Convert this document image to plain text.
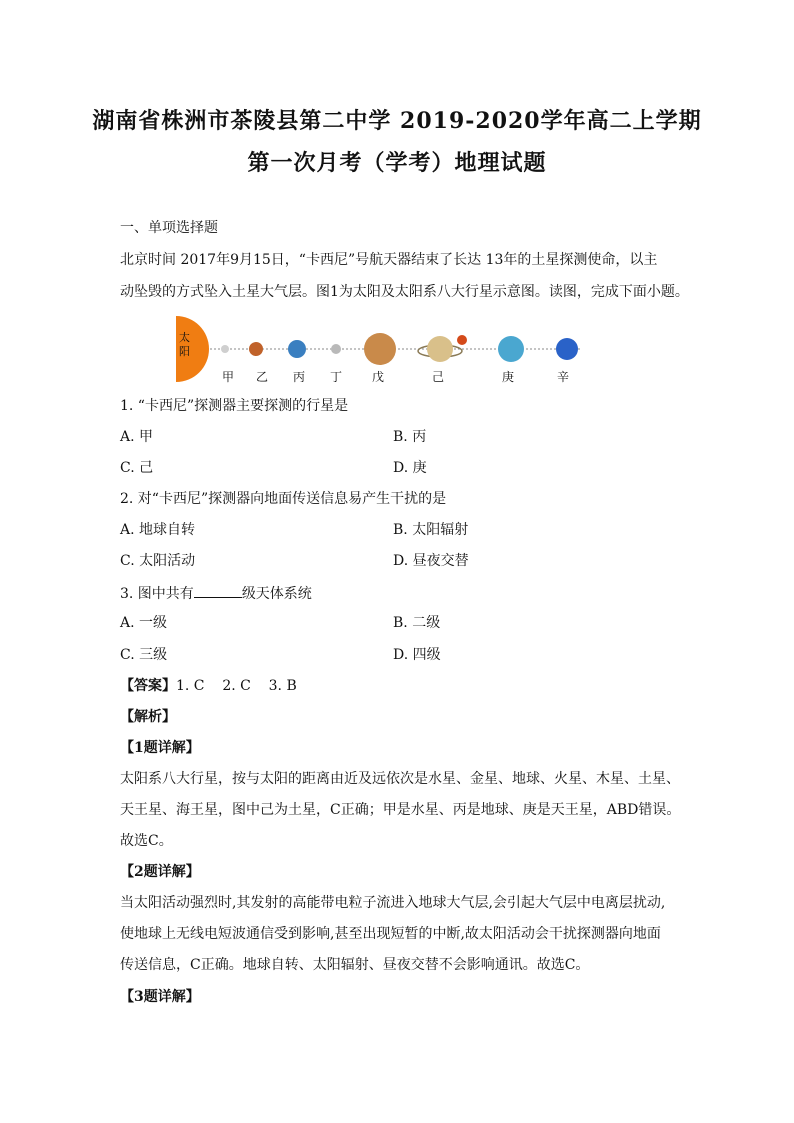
湖南省株洲市茶陵县第二中学 2019-2020学年高二上学期
第一次月考（学考）地理试题
一、单项选择题
北京时间 2017年9月15日，“卡西尼”号航天器结束了长达 13年的土星探测使命，以主
动坠毁的方式坠入土星大气层。图1为太阳及太阳系八大行星示意图。读图，完成下面小题。
太阳
甲 乙 丙 丁 戊	己	庚	辛
1. “卡西尼”探测器主要探测的行星是
A. 甲	B. 丙
C. 己	D. 庚
2. 对“卡西尼”探测器向地面传送信息易产生干扰的是
A. 地球自转	B. 太阳辐射
C. 太阳活动	D. 昼夜交替
3. 图中共有	级天体系统
A. 一级	B. 二级
C. 三级	D. 四级
【答案】1. C    2. C    3. B
【解析】
【1题详解】
太阳系八大行星，按与太阳的距离由近及远依次是水星、金星、地球、火星、木星、土星、
天王星、海王星，图中己为土星，C正确；甲是水星、丙是地球、庚是天王星，ABD错误。
故选C。
【2题详解】
当太阳活动强烈时,其发射的高能带电粒子流进入地球大气层,会引起大气层中电离层扰动,
使地球上无线电短波通信受到影响,甚至出现短暂的中断,故太阳活动会干扰探测器向地面
传送信息，C正确。地球自转、太阳辐射、昼夜交替不会影响通讯。故选C。
【3题详解】
